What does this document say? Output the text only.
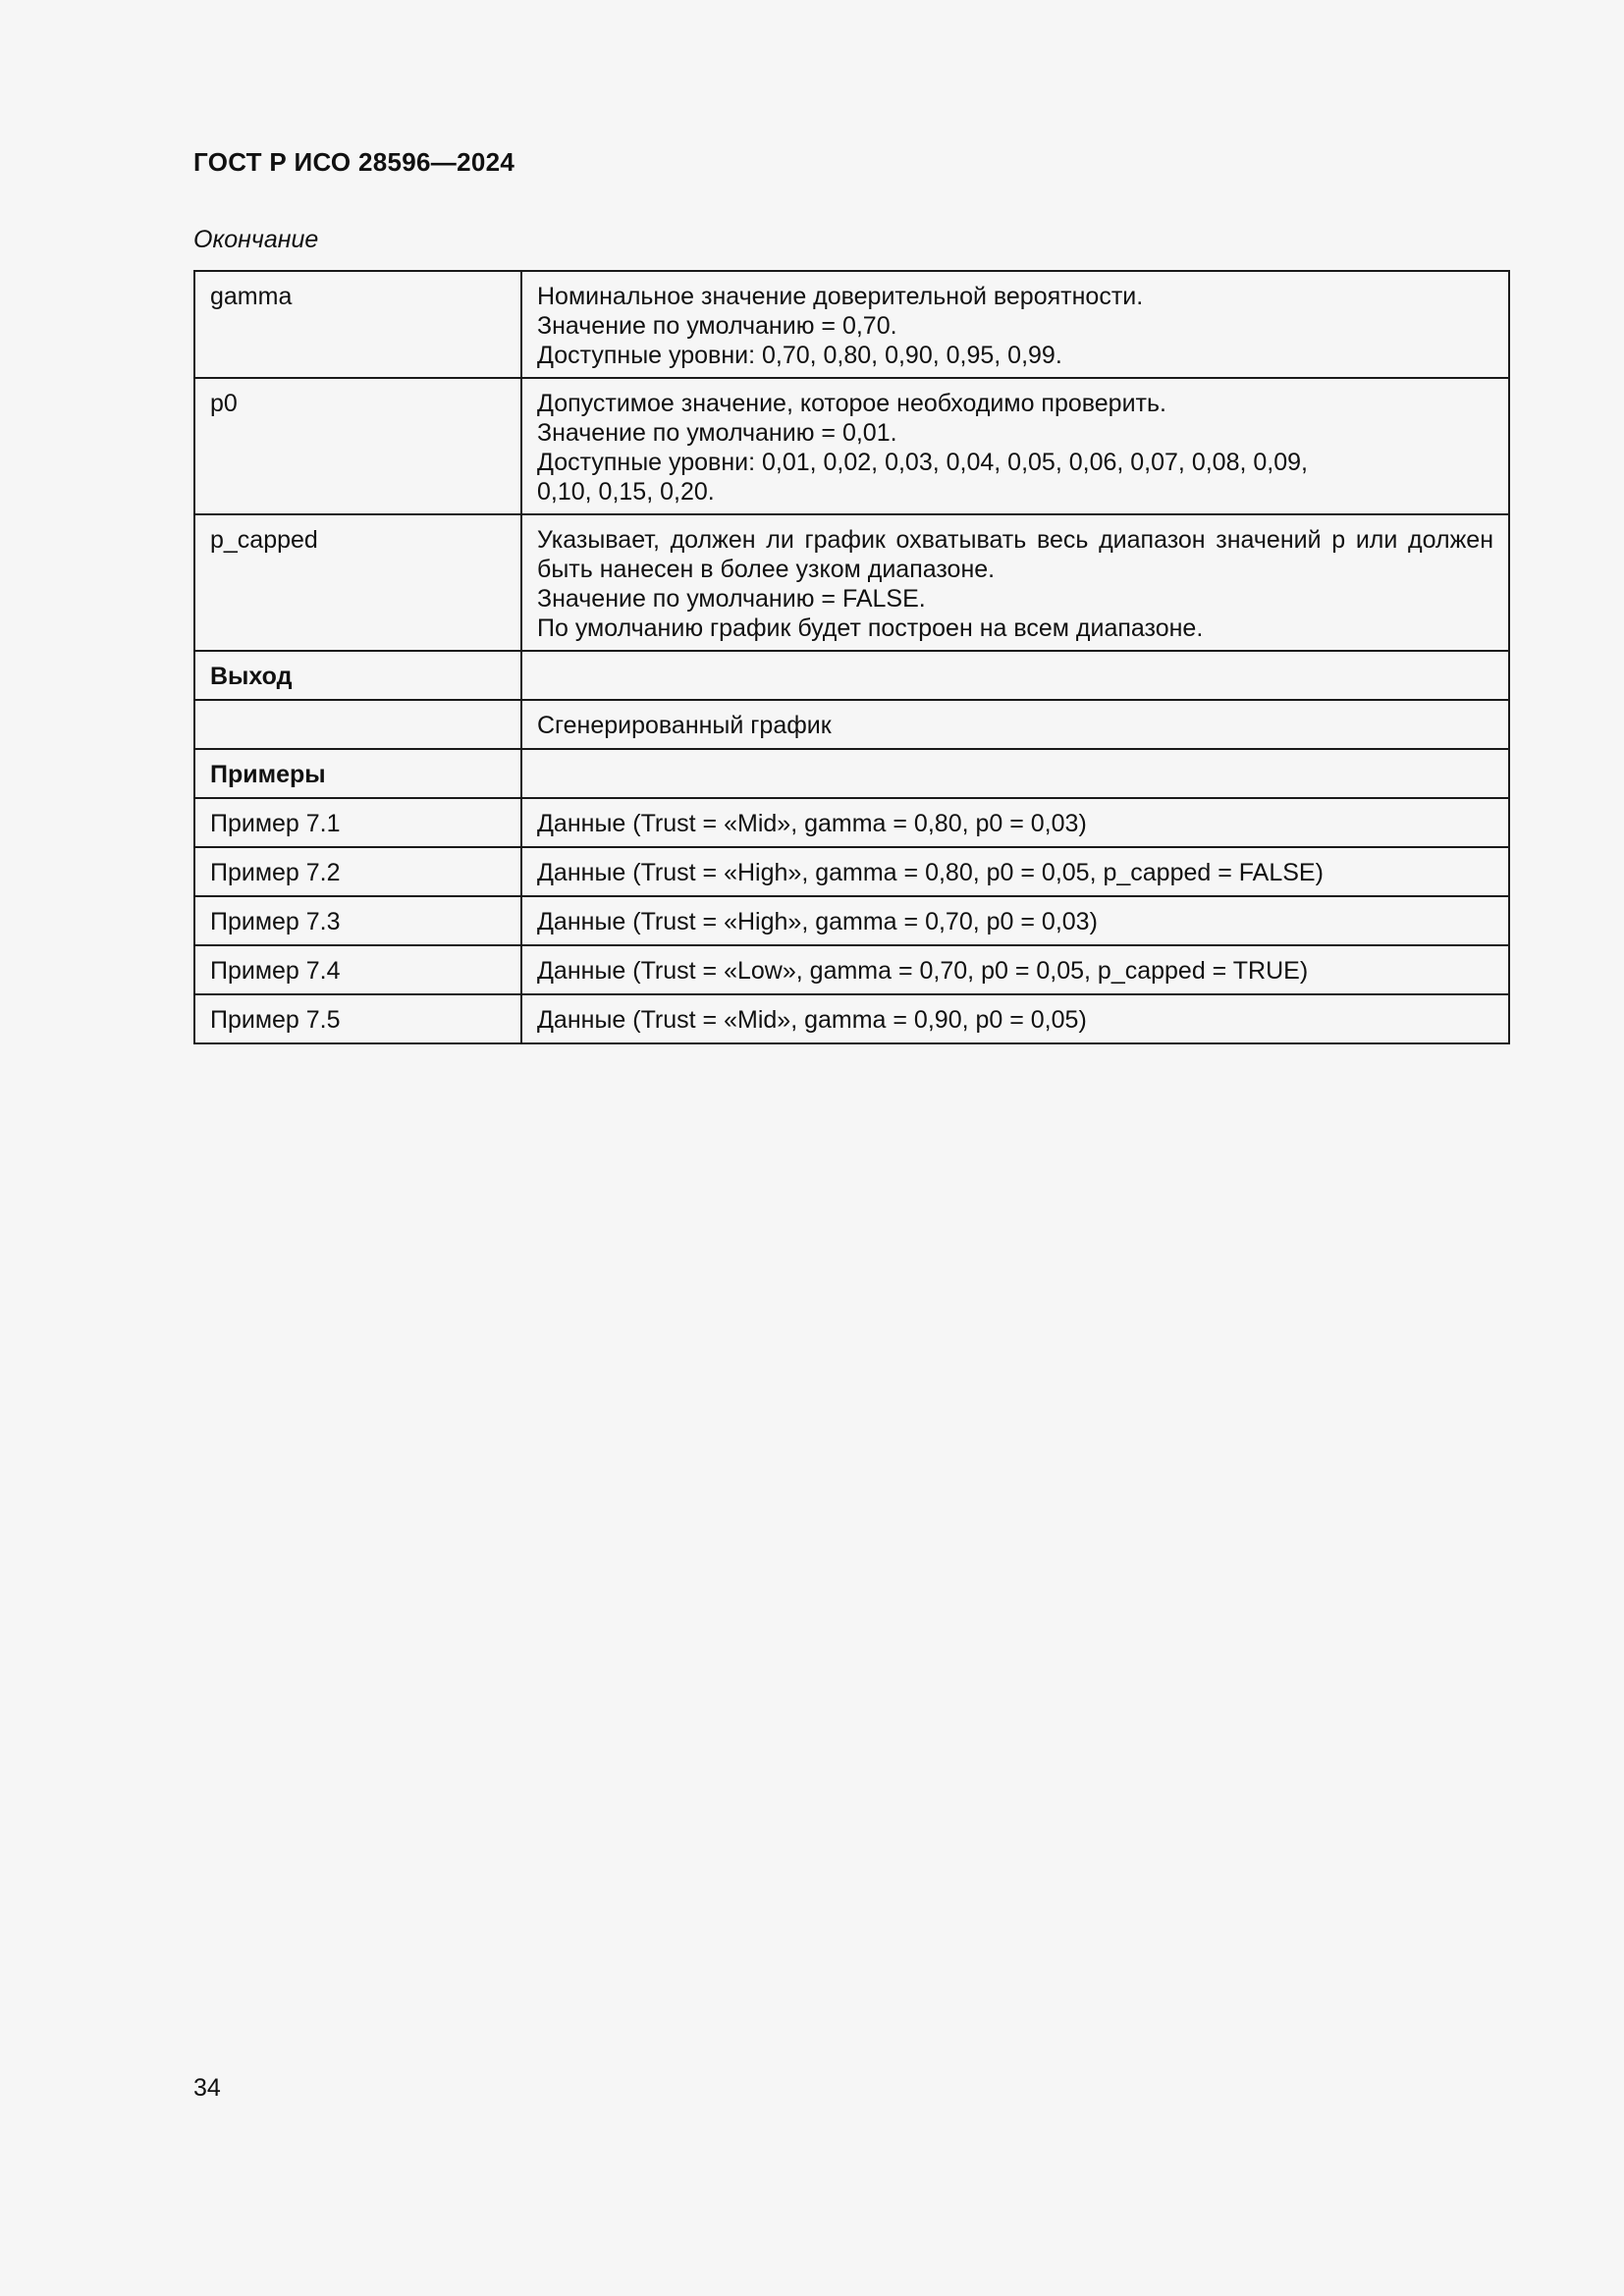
ГОСТ Р ИСО 28596—2024
Окончание
gamma	Номинальное значение доверительной вероятности.
Значение по умолчанию = 0,70.
Доступные уровни: 0,70, 0,80, 0,90, 0,95, 0,99.

p0	Допустимое значение, которое необходимо проверить.
Значение по умолчанию = 0,01.
Доступные уровни: 0,01, 0,02, 0,03, 0,04, 0,05, 0,06, 0,07, 0,08, 0,09,
0,10, 0,15, 0,20.

p_capped	Указывает, должен ли график охватывать весь диапазон значений p или должен
быть нанесен в более узком диапазоне.
Значение по умолчанию = FALSE.
По умолчанию график будет построен на всем диапазоне.

Выход	
	Сгенерированный график
Примеры	
Пример 7.1	Данные (Trust = «Mid», gamma = 0,80, p0 = 0,03)
Пример 7.2	Данные (Trust = «High», gamma = 0,80, p0 = 0,05, p_capped = FALSE)
Пример 7.3	Данные (Trust = «High», gamma = 0,70, p0 = 0,03)
Пример 7.4	Данные (Trust = «Low», gamma = 0,70, p0 = 0,05, p_capped = TRUE)
Пример 7.5	Данные (Trust = «Mid», gamma = 0,90, p0 = 0,05)
34
